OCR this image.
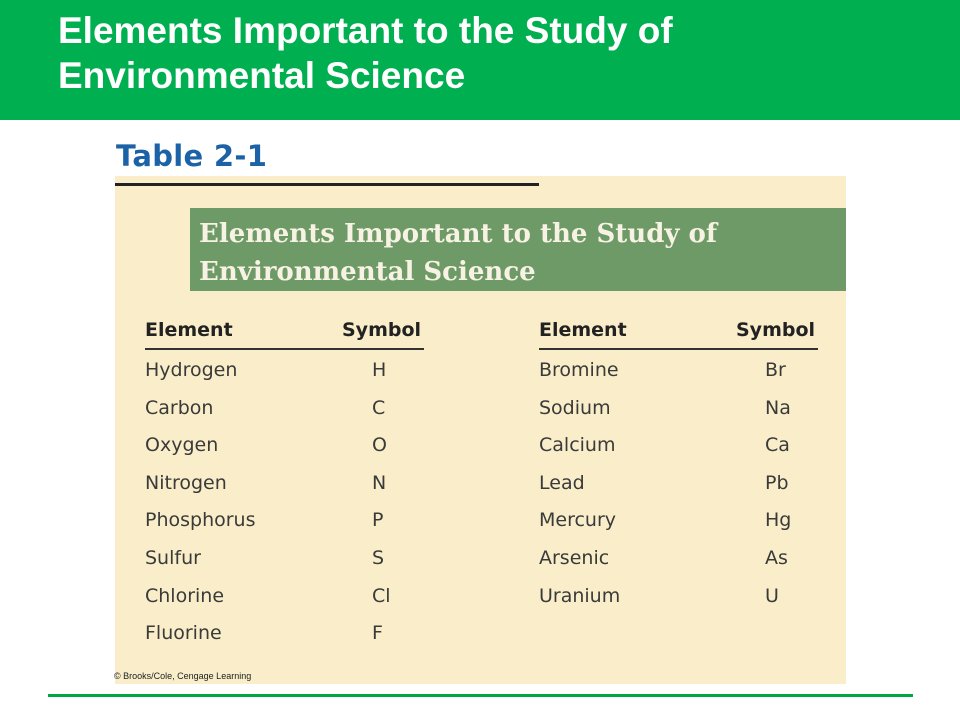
Elements Important to the Study of Environmental Science
Table 2-1
Elements Important to the Study of Environmental Science
Element	Symbol
Hydrogen	H
Carbon	C
Oxygen	O
Nitrogen	N
Phosphorus	P
Sulfur	S
Chlorine	Cl
Fluorine	F
Element	Symbol
Bromine	Br
Sodium	Na
Calcium	Ca
Lead	Pb
Mercury	Hg
Arsenic	As
Uranium	U
© Brooks/Cole, Cengage Learning
